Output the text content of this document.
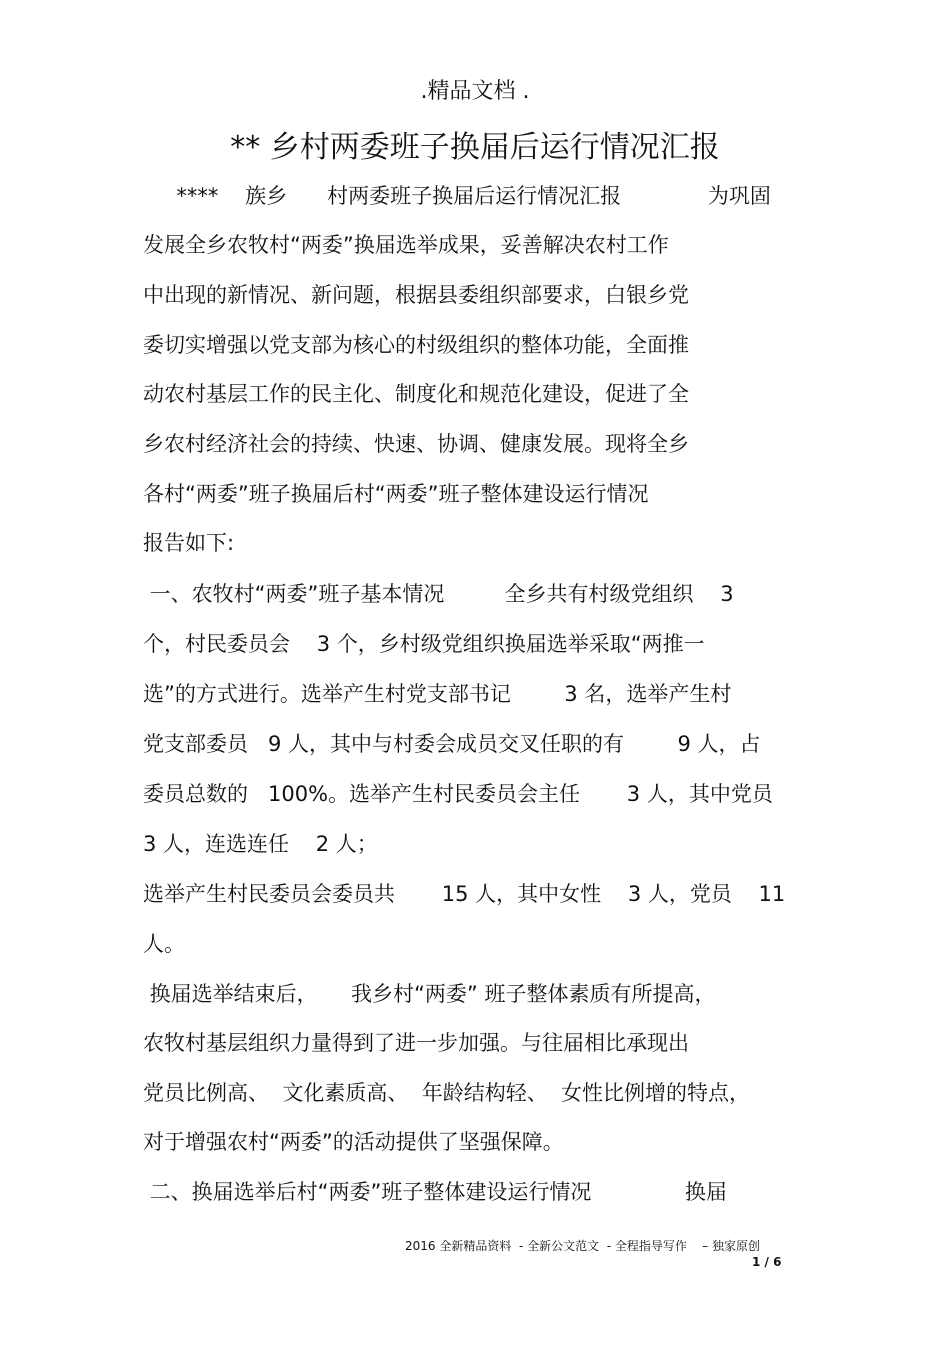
.精品文档 .
** 乡村两委班子换届后运行情况汇报
****    族乡      村两委班子换届后运行情况汇报             为巩固
发展全乡农牧村“两委”换届选举成果，妥善解决农村工作
中出现的新情况、新问题，根据县委组织部要求，白银乡党
委切实增强以党支部为核心的村级组织的整体功能，全面推
动农村基层工作的民主化、制度化和规范化建设，促进了全
乡农村经济社会的持续、快速、协调、健康发展。现将全乡
各村“两委”班子换届后村“两委”班子整体建设运行情况
报告如下:
一、农牧村“两委”班子基本情况         全乡共有村级党组织    3
个，村民委员会    3 个，乡村级党组织换届选举采取“两推一
选”的方式进行。选举产生村党支部书记        3 名，选举产生村
党支部委员   9 人，其中与村委会成员交叉任职的有        9 人，占
委员总数的   100%。选举产生村民委员会主任       3 人，其中党员
3 人，连选连任    2 人；
选举产生村民委员会委员共       15 人，其中女性    3 人，党员    11
人。
换届选举结束后，     我乡村“两委” 班子整体素质有所提高，
农牧村基层组织力量得到了进一步加强。与往届相比承现出
党员比例高、  文化素质高、  年龄结构轻、  女性比例增的特点，
对于增强农村“两委”的活动提供了坚强保障。
二、换届选举后村“两委”班子整体建设运行情况              换届
2016 全新精品资料  - 全新公文范文  - 全程指导写作    – 独家原创
1 / 6
